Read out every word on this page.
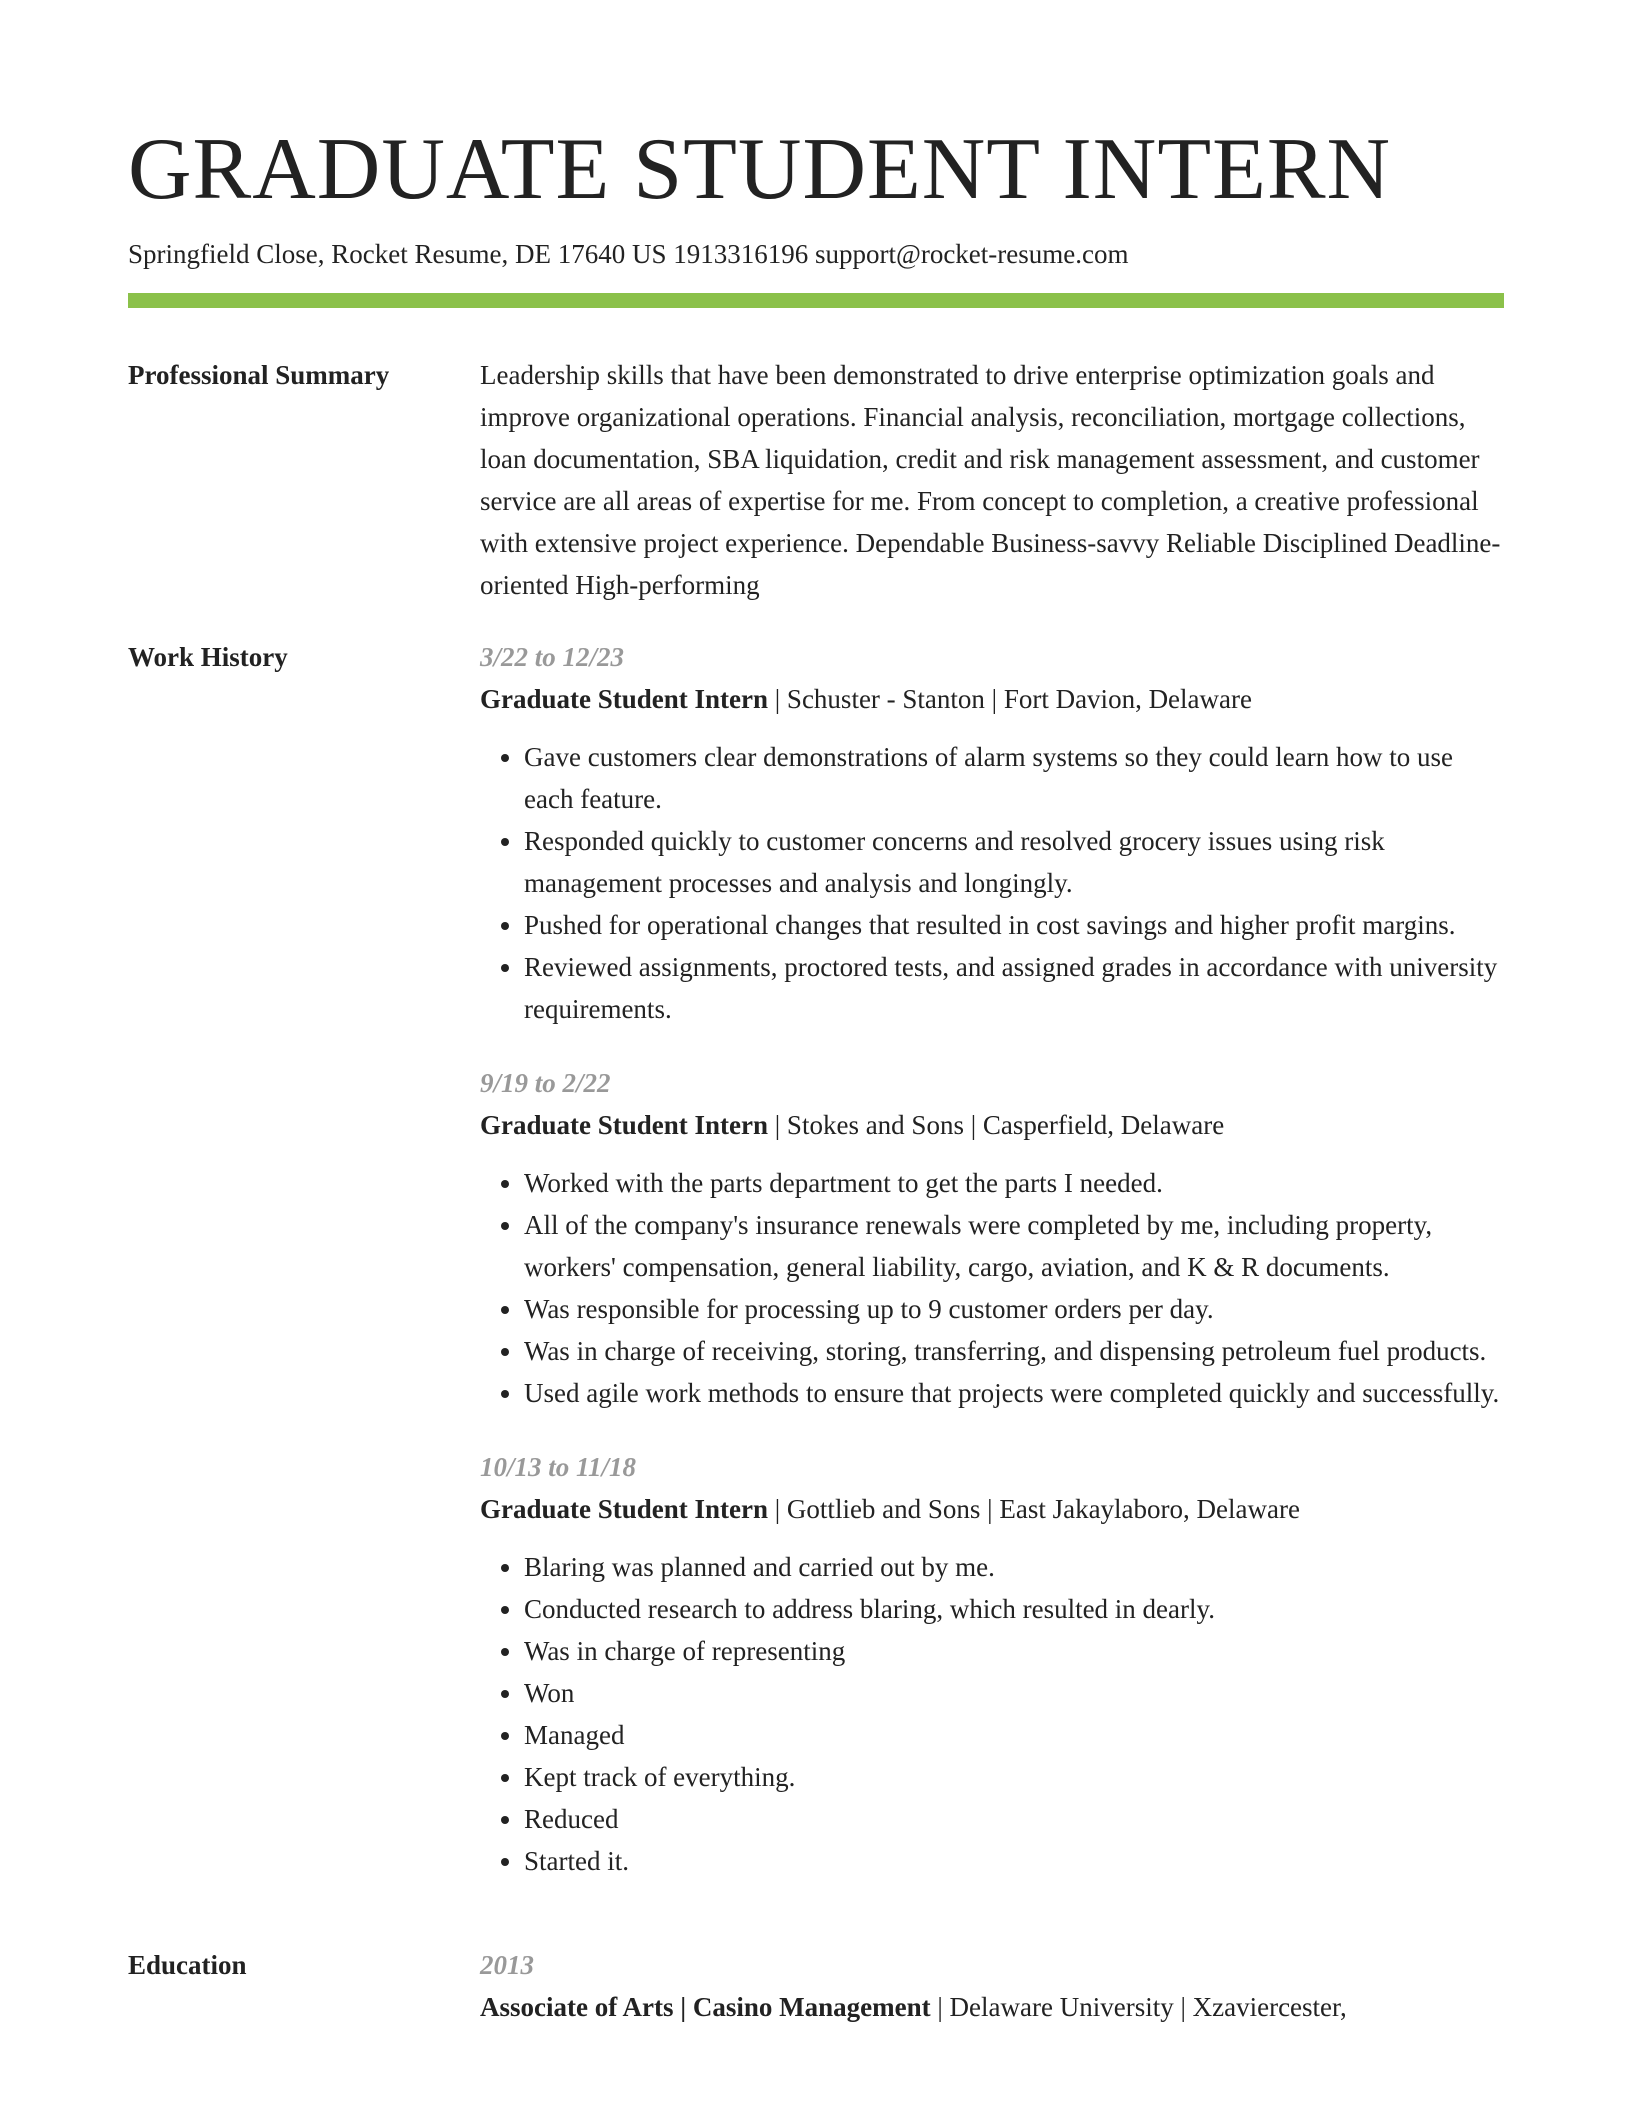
GRADUATE STUDENT INTERN
Springfield Close, Rocket Resume, DE 17640 US 1913316196 support@rocket-resume.com
Professional Summary	Leadership skills that have been demonstrated to drive enterprise optimization goals and improve organizational operations. Financial analysis, reconciliation, mortgage collections, loan documentation, SBA liquidation, credit and risk management assessment, and customer service are all areas of expertise for me. From concept to completion, a creative professional with extensive project experience. Dependable Business-savvy Reliable Disciplined Deadline-oriented High-performing

Work History	3/22 to 12/23
Graduate Student Intern | Schuster - Stanton | Fort Davion, Delaware
• Gave customers clear demonstrations of alarm systems so they could learn how to use each feature.
• Responded quickly to customer concerns and resolved grocery issues using risk management processes and analysis and longingly.
• Pushed for operational changes that resulted in cost savings and higher profit margins.
• Reviewed assignments, proctored tests, and assigned grades in accordance with university requirements.
9/19 to 2/22
Graduate Student Intern | Stokes and Sons | Casperfield, Delaware
• Worked with the parts department to get the parts I needed.
• All of the company's insurance renewals were completed by me, including property, workers' compensation, general liability, cargo, aviation, and K & R documents.
• Was responsible for processing up to 9 customer orders per day.
• Was in charge of receiving, storing, transferring, and dispensing petroleum fuel products.
• Used agile work methods to ensure that projects were completed quickly and successfully.
10/13 to 11/18
Graduate Student Intern | Gottlieb and Sons | East Jakaylaboro, Delaware
• Blaring was planned and carried out by me.
• Conducted research to address blaring, which resulted in dearly.
• Was in charge of representing
• Won
• Managed
• Kept track of everything.
• Reduced
• Started it.
Education	2013
Associate of Arts | Casino Management | Delaware University | Xzaviercester,
